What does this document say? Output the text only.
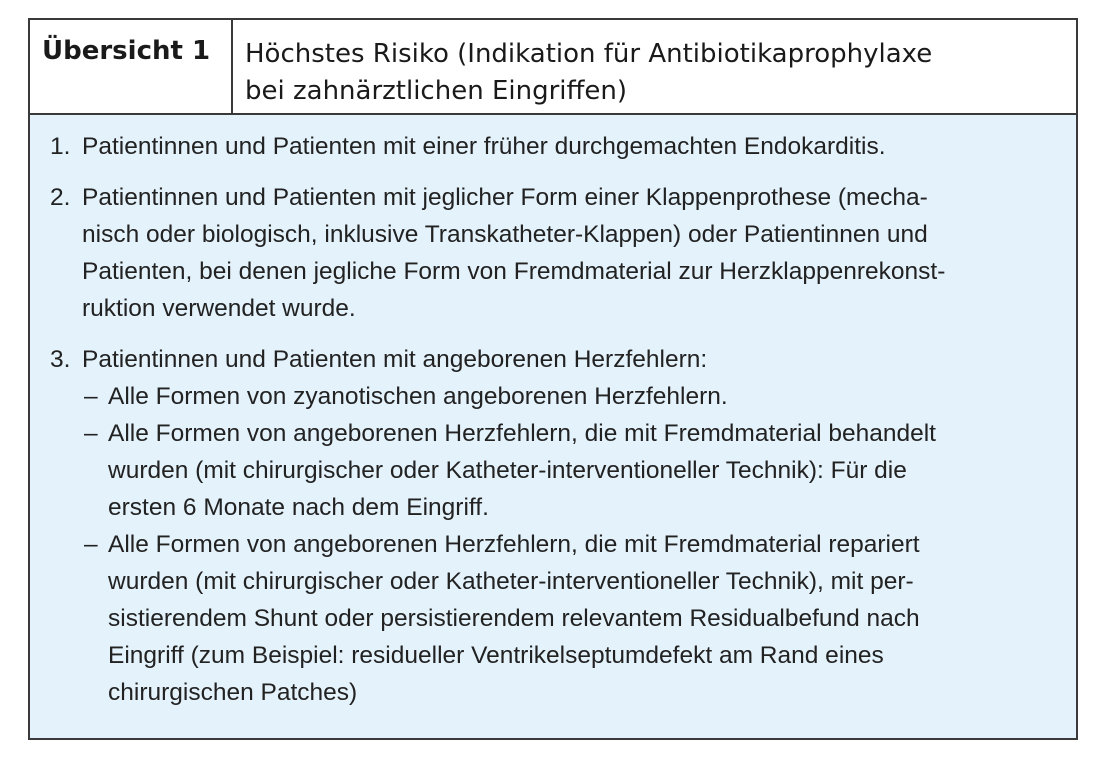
Übersicht 1	Höchstes Risiko (Indikation für Antibiotikaprophylaxe
bei zahnärztlichen Eingriffen)
1. Patientinnen und Patienten mit einer früher durchgemachten Endokarditis.
2. Patientinnen und Patienten mit jeglicher Form einer Klappenprothese (mecha-
nisch oder biologisch, inklusive Transkatheter-Klappen) oder Patientinnen und
Patienten, bei denen jegliche Form von Fremdmaterial zur Herzklappenrekonst-
ruktion verwendet wurde.
3. Patientinnen und Patienten mit angeborenen Herzfehlern:
– Alle Formen von zyanotischen angeborenen Herzfehlern.
– Alle Formen von angeborenen Herzfehlern, die mit Fremdmaterial behandelt
wurden (mit chirurgischer oder Katheter-interventioneller Technik): Für die
ersten 6 Monate nach dem Eingriff.
– Alle Formen von angeborenen Herzfehlern, die mit Fremdmaterial repariert
wurden (mit chirurgischer oder Katheter-interventioneller Technik), mit per-
sistierendem Shunt oder persistierendem relevantem Residualbefund nach
Eingriff (zum Beispiel: residueller Ventrikelseptumdefekt am Rand eines
chirurgischen Patches)
